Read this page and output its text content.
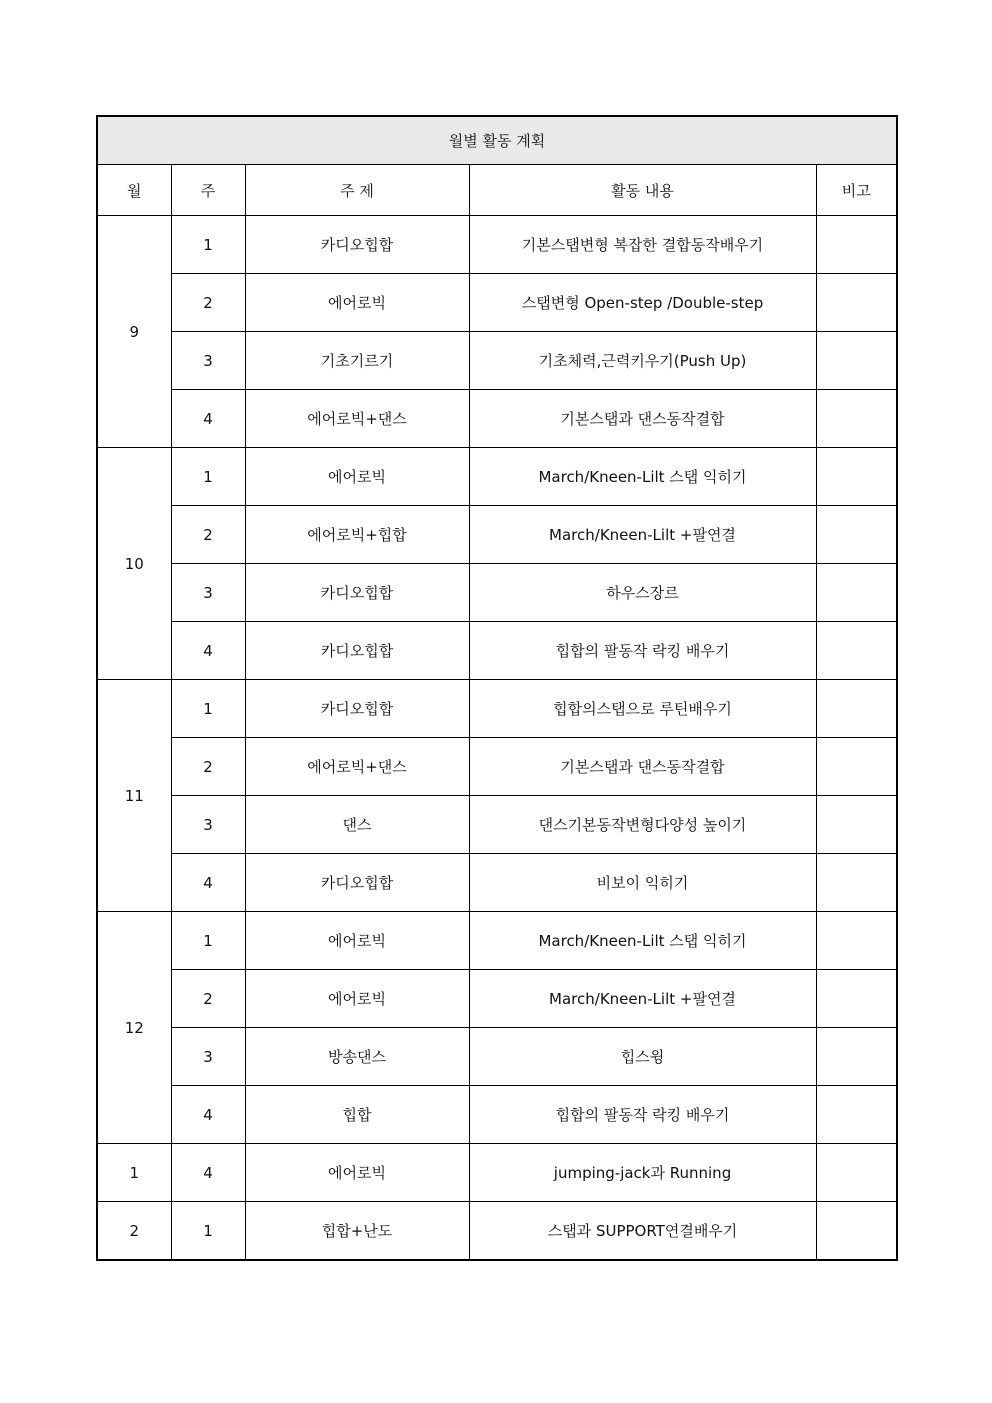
월별 활동 계획				
월	주	주 제	활동 내용	비고
9	1	카디오힙합	기본스탭변형 복잡한 결합동작배우기	
	2	에어로빅	스탭변형 Open-step /Double-step	
	3	기초기르기	기초체력,근력키우기(Push Up)	
	4	에어로빅+댄스	기본스탭과 댄스동작결합	
10	1	에어로빅	March/Kneen-Lilt 스탭 익히기	
	2	에어로빅+힙합	March/Kneen-Lilt +팔연결	
	3	카디오힙합	하우스장르	
	4	카디오힙합	힙합의 팔동작 락킹 배우기	
11	1	카디오힙합	힙합의스탭으로 루틴배우기	
	2	에어로빅+댄스	기본스탭과 댄스동작결합	
	3	댄스	댄스기본동작변형다양성 높이기	
	4	카디오힙합	비보이 익히기	
12	1	에어로빅	March/Kneen-Lilt 스탭 익히기	
	2	에어로빅	March/Kneen-Lilt +팔연결	
	3	방송댄스	힙스윙	
	4	힙합	힙합의 팔동작 락킹 배우기	
1	4	에어로빅	jumping-jack과 Running	
2	1	힙합+난도	스탭과 SUPPORT연결배우기	
